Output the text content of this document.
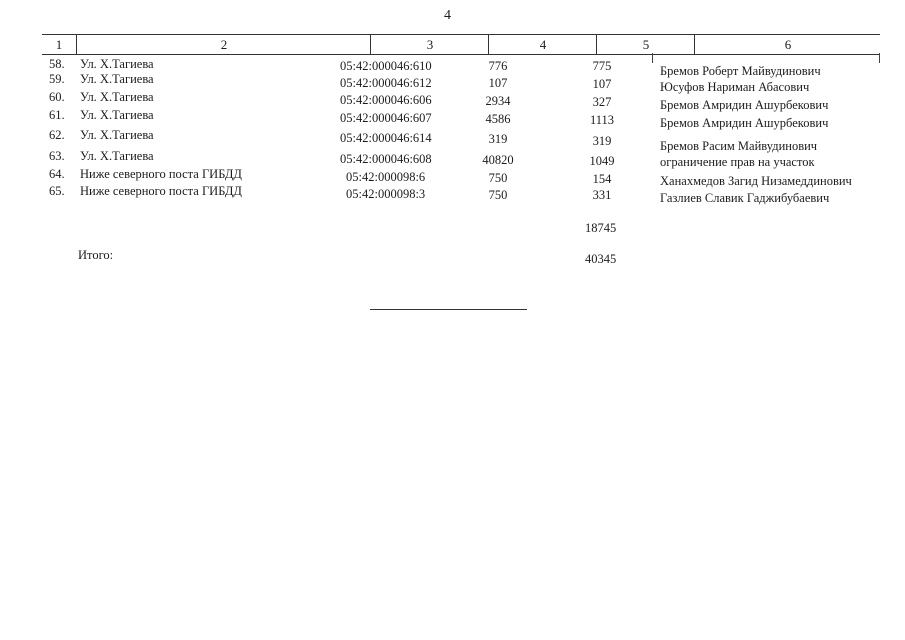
4
1	2	3	4	5	6
58. Ул. Х.Тагиева	05:42:000046:610	776	775	Бремов Роберт Майвудинович
59. Ул. Х.Тагиева	05:42:000046:612	107	107	Юсуфов Нариман Абасович
60. Ул. Х.Тагиева	05:42:000046:606	2934	327	Бремов Амридин Ашурбекович
61. Ул. Х.Тагиева	05:42:000046:607	4586	1113	Бремов Амридин Ашурбекович
62. Ул. Х.Тагиева	05:42:000046:614	319	319	Бремов Расим Майвудинович
63. Ул. Х.Тагиева	05:42:000046:608	40820	1049	ограничение прав на участок
64. Ниже северного поста ГИБДД	05:42:000098:6	750	154	Ханахмедов Загид Низамеддинович
65. Ниже северного поста ГИБДД	05:42:000098:3	750	331	Газлиев Славик Гаджибубаевич
18745
Итого:	40345
